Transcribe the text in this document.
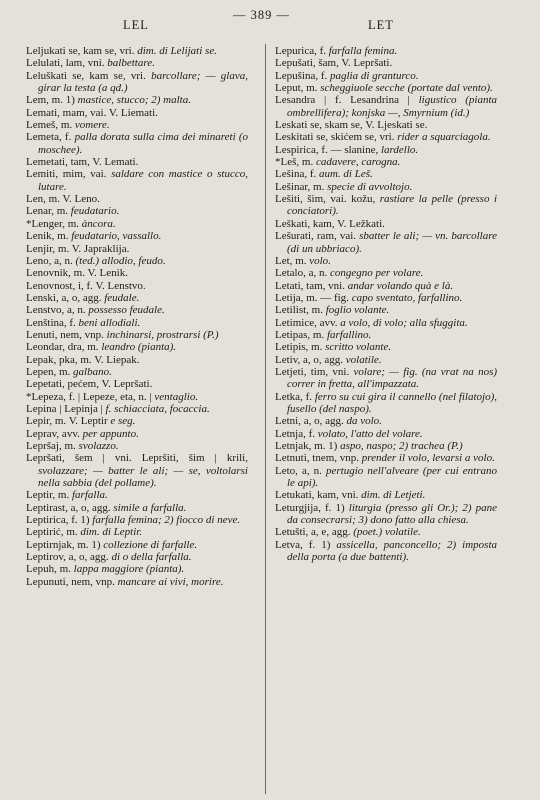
LEL
— 389 —
LET

Leljukati se, kam se, vri. dim. di Lelijati se.

Lelulati, lam, vni. balbettare.

Leluškati se, kam se, vri. barcollare; — glava, girar la testa (a qd.)

Lem, m. 1) mastice, stucco; 2) malta.

Lemati, mam, vai. V. Liemati.

Lemeš, m. vomere.

Lemeta, f. palla dorata sulla cima dei minareti (o moschee).

Lemetati, tam, V. Lemati.

Lemiti, mim, vai. saldare con mastice o stucco, lutare.

Len, m. V. Leno.

Lenar, m. feudatario.

*Lenger, m. àncora.

Lenik, m. feudatario, vassallo.

Lenjir, m. V. Japraklija.

Leno, a, n. (ted.) allodio, feudo.

Lenovnik, m. V. Lenik.

Lenovnost, i, f. V. Lenstvo.

Lenski, a, o, agg. feudale.

Lenstvo, a, n. possesso feudale.

Lenština, f. beni allodiali.

Lenuti, nem, vnp. inchinarsi, prostrarsi (P.)

Leondar, dra, m. leandro (pianta).

Lepak, pka, m. V. Liepak.

Lepen, m. galbano.

Lepetati, pećem, V. Lepršati.

*Lepeza, f. | Lepeze, eta, n. | ventaglio.

Lepina | Lepinja | f. schiacciata, focaccia.

Lepir, m. V. Leptir e seg.

Leprav, avv. per appunto.

Lepršaj, m. svolazzo.

Lepršati, šem | vni. Lepršiti, šim | krili, svolazzare; — batter le ali; — se, voltolarsi nella sabbia (del pollame).

Leptir, m. farfalla.

Leptirast, a, o, agg. simile a farfalla.

Leptirica, f. 1) farfalla femina; 2) fiocco di neve.

Leptirić, m. dim. di Leptir.

Leptirnjak, m. 1) collezione di farfalle.

Leptirov, a, o, agg. di o della farfalla.

Lepuh, m. lappa maggiore (pianta).

Lepunuti, nem, vnp. mancare ai vivi, morire.

Lepurica, f. farfalla femina.

Lepušati, šam, V. Lepršati.

Lepušina, f. paglia di granturco.

Leput, m. scheggiuole secche (portate dal vento).

Lesandra | f. Lesandrina | ligustico (pianta ombrellifera); konjska —, Smyrnium (id.)

Leskati se, skam se, V. Ljeskati se.

Leskitati se, skićem se, vri. rider a squarciagola.

Lespirica, f. — slanine, lardello.

*Leš, m. cadavere, carogna.

Lešina, f. aum. di Leš.

Lešinar, m. specie di avvoltojo.

Lešiti, šim, vai. kožu, rastiare la pelle (presso i conciatori).

Leškati, kam, V. Ležkati.

Lešurati, ram, vai. sbatter le ali; — vn. barcollare (di un ubbriaco).

Let, m. volo.

Letalo, a, n. congegno per volare.

Letati, tam, vni. andar volando quà e là.

Letija, m. — fig. capo sventato, farfallino.

Letilist, m. foglio volante.

Letimice, avv. a volo, di volo; alla sfuggita.

Letipas, m. farfallino.

Letipis, m. scritto volante.

Letiv, a, o, agg. volatile.

Letjeti, tim, vni. volare; — fig. (na vrat na nos) correr in fretta, all'impazzata.

Letka, f. ferro su cui gira il cannello (nel filatojo), fusello (del naspo).

Letni, a, o, agg. da volo.

Letnja, f. volato, l'atto del volare.

Letnjak, m. 1) aspo, naspo; 2) trachea (P.)

Letnuti, tnem, vnp. prender il volo, levarsi a volo.

Leto, a, n. pertugio nell'alveare (per cui entrano le api).

Letukati, kam, vni. dim. di Letjeti.

Leturgjija, f. 1) liturgia (presso gli Or.); 2) pane da consecrarsi; 3) dono fatto alla chiesa.

Letušti, a, e, agg. (poet.) volatile.

Letva, f. 1) assicella, panconcello; 2) imposta della porta (a due battenti).
